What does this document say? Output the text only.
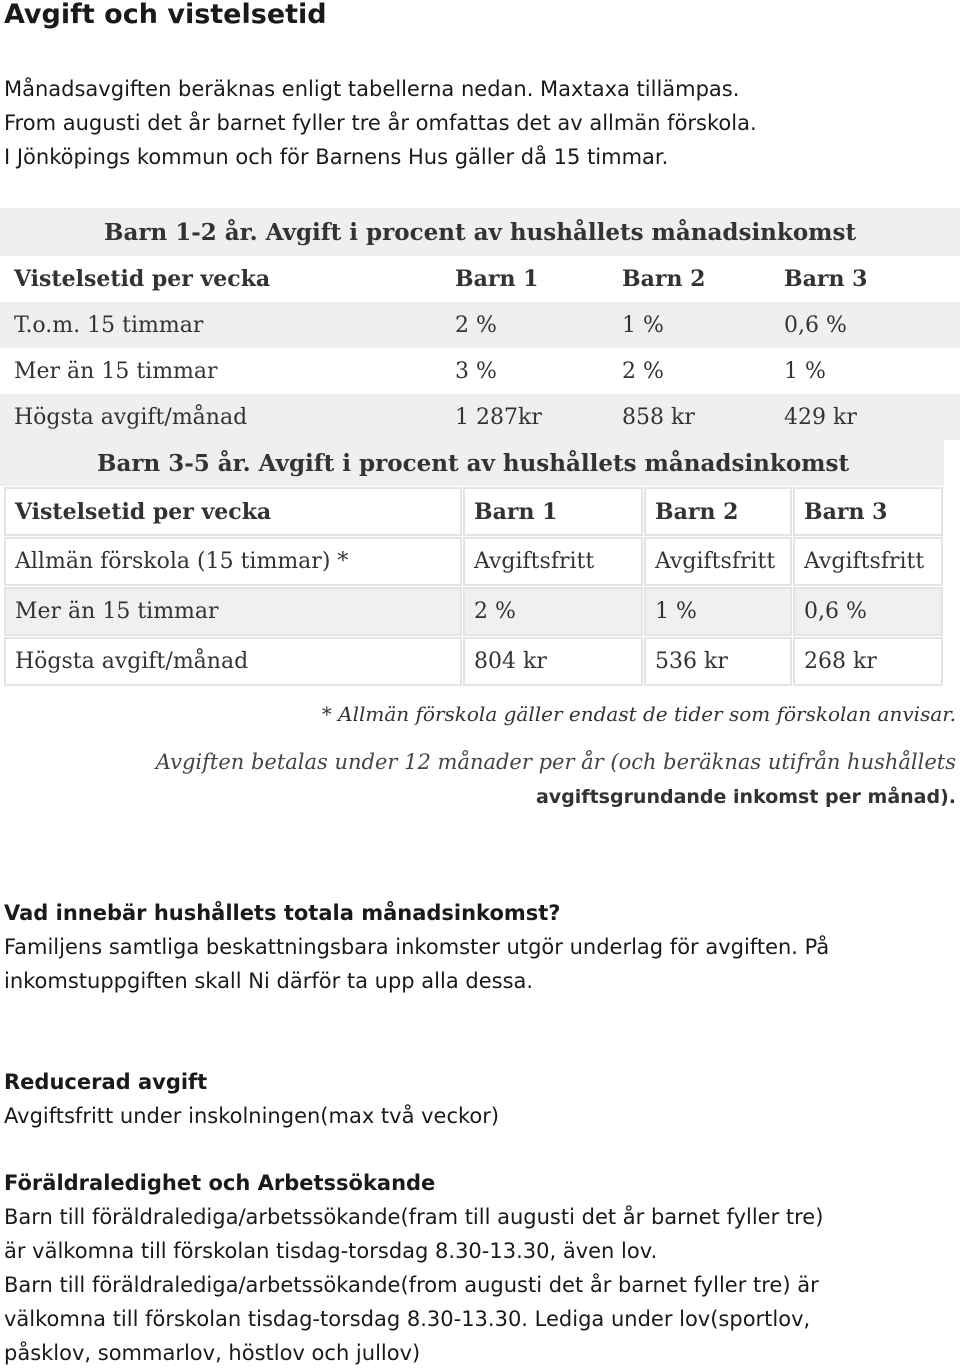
Avgift och vistelsetid
Månadsavgiften beräknas enligt tabellerna nedan. Maxtaxa tillämpas.
From augusti det år barnet fyller tre år omfattas det av allmän förskola.
I Jönköpings kommun och för Barnens Hus gäller då 15 timmar.
Barn 1-2 år. Avgift i procent av hushållets månadsinkomst
Vistelsetid per vecka	Barn 1	Barn 2	Barn 3
T.o.m. 15 timmar	2 %	1 %	0,6 %
Mer än 15 timmar	3 %	2 %	1 %
Högsta avgift/månad	1 287kr	858 kr	429 kr
Barn 3-5 år. Avgift i procent av hushållets månadsinkomst
Vistelsetid per vecka	Barn 1	Barn 2	Barn 3
Allmän förskola (15 timmar) *	Avgiftsfritt	Avgiftsfritt	Avgiftsfritt
Mer än 15 timmar	2 %	1 %	0,6 %
Högsta avgift/månad	804 kr	536 kr	268 kr
* Allmän förskola gäller endast de tider som förskolan anvisar.
Avgiften betalas under 12 månader per år (och beräknas utifrån hushållets
avgiftsgrundande inkomst per månad).
Vad innebär hushållets totala månadsinkomst?
Familjens samtliga beskattningsbara inkomster utgör underlag för avgiften. På
inkomstuppgiften skall Ni därför ta upp alla dessa.
Reducerad avgift
Avgiftsfritt under inskolningen(max två veckor)
Föräldraledighet och Arbetssökande
Barn till föräldralediga/arbetssökande(fram till augusti det år barnet fyller tre)
är välkomna till förskolan tisdag-torsdag 8.30-13.30, även lov.
Barn till föräldralediga/arbetssökande(from augusti det år barnet fyller tre) är
välkomna till förskolan tisdag-torsdag 8.30-13.30. Lediga under lov(sportlov,
påsklov, sommarlov, höstlov och jullov)
